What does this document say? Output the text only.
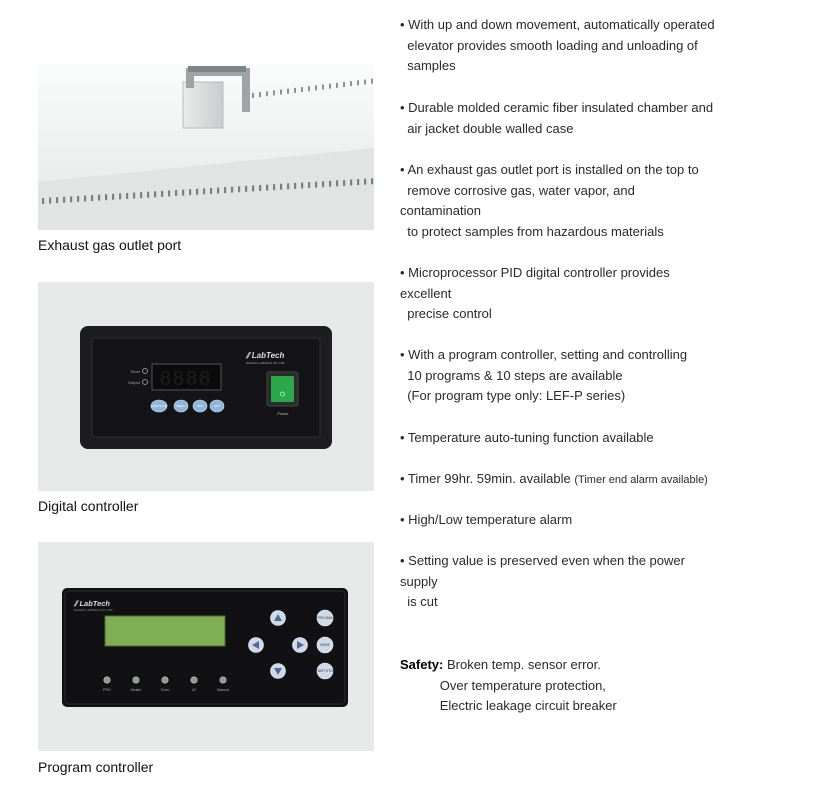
Exhaust gas outlet port
Timer
Output 8888
LAMP STOP	MENU	SET	ENT
⫽ LabTech
DAIHAN LABTECH CO.,LTD.
Power
Digital controller
⫽ LabTech
DAIHAN LABTECH CO.,LTD.
PRG	Heater	Timer	AT	Manual
PRG MAN
MODE
START STOP
Program controller
• With up and down movement, automatically operated
elevator provides smooth loading and unloading of
samples
• Durable molded ceramic fiber insulated chamber and
air jacket double walled case
• An exhaust gas outlet port is installed on the top to
remove corrosive gas, water vapor, and
contamination
to protect samples from hazardous materials
• Microprocessor PID digital controller provides
excellent
precise control
• With a program controller, setting and controlling
10 programs & 10 steps are available
(For program type only: LEF-P series)
• Temperature auto-tuning function available
• Timer 99hr. 59min. available (Timer end alarm available)
• High/Low temperature alarm
• Setting value is preserved even when the power
supply
is cut
Safety: Broken temp. sensor error.
Over temperature protection,
Electric leakage circuit breaker
